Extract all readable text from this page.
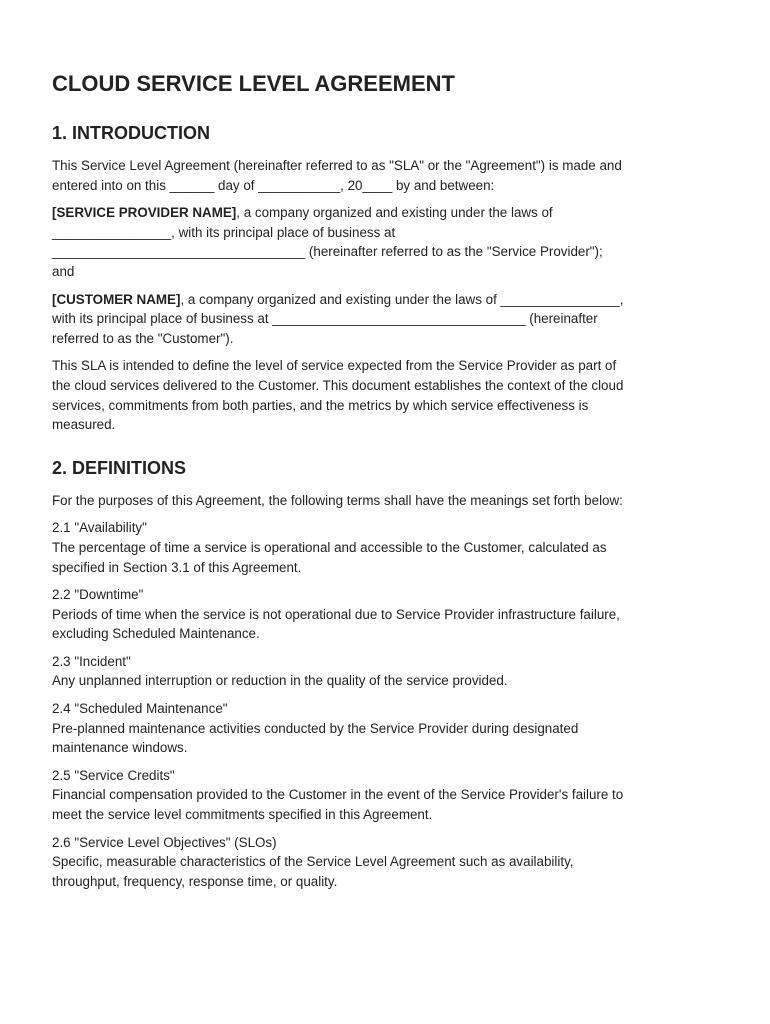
CLOUD SERVICE LEVEL AGREEMENT
1. INTRODUCTION

This Service Level Agreement (hereinafter referred to as "SLA" or the "Agreement") is made and
entered into on this ______ day of ___________, 20____ by and between:

[SERVICE PROVIDER NAME], a company organized and existing under the laws of
________________, with its principal place of business at
__________________________________ (hereinafter referred to as the "Service Provider");
and

[CUSTOMER NAME], a company organized and existing under the laws of ________________,
with its principal place of business at __________________________________ (hereinafter
referred to as the "Customer").

This SLA is intended to define the level of service expected from the Service Provider as part of
the cloud services delivered to the Customer. This document establishes the context of the cloud
services, commitments from both parties, and the metrics by which service effectiveness is
measured.

2. DEFINITIONS

For the purposes of this Agreement, the following terms shall have the meanings set forth below:

2.1 "Availability"
The percentage of time a service is operational and accessible to the Customer, calculated as
specified in Section 3.1 of this Agreement.

2.2 "Downtime"
Periods of time when the service is not operational due to Service Provider infrastructure failure,
excluding Scheduled Maintenance.

2.3 "Incident"
Any unplanned interruption or reduction in the quality of the service provided.

2.4 "Scheduled Maintenance"
Pre-planned maintenance activities conducted by the Service Provider during designated
maintenance windows.

2.5 "Service Credits"
Financial compensation provided to the Customer in the event of the Service Provider's failure to
meet the service level commitments specified in this Agreement.

2.6 "Service Level Objectives" (SLOs)
Specific, measurable characteristics of the Service Level Agreement such as availability,
throughput, frequency, response time, or quality.
